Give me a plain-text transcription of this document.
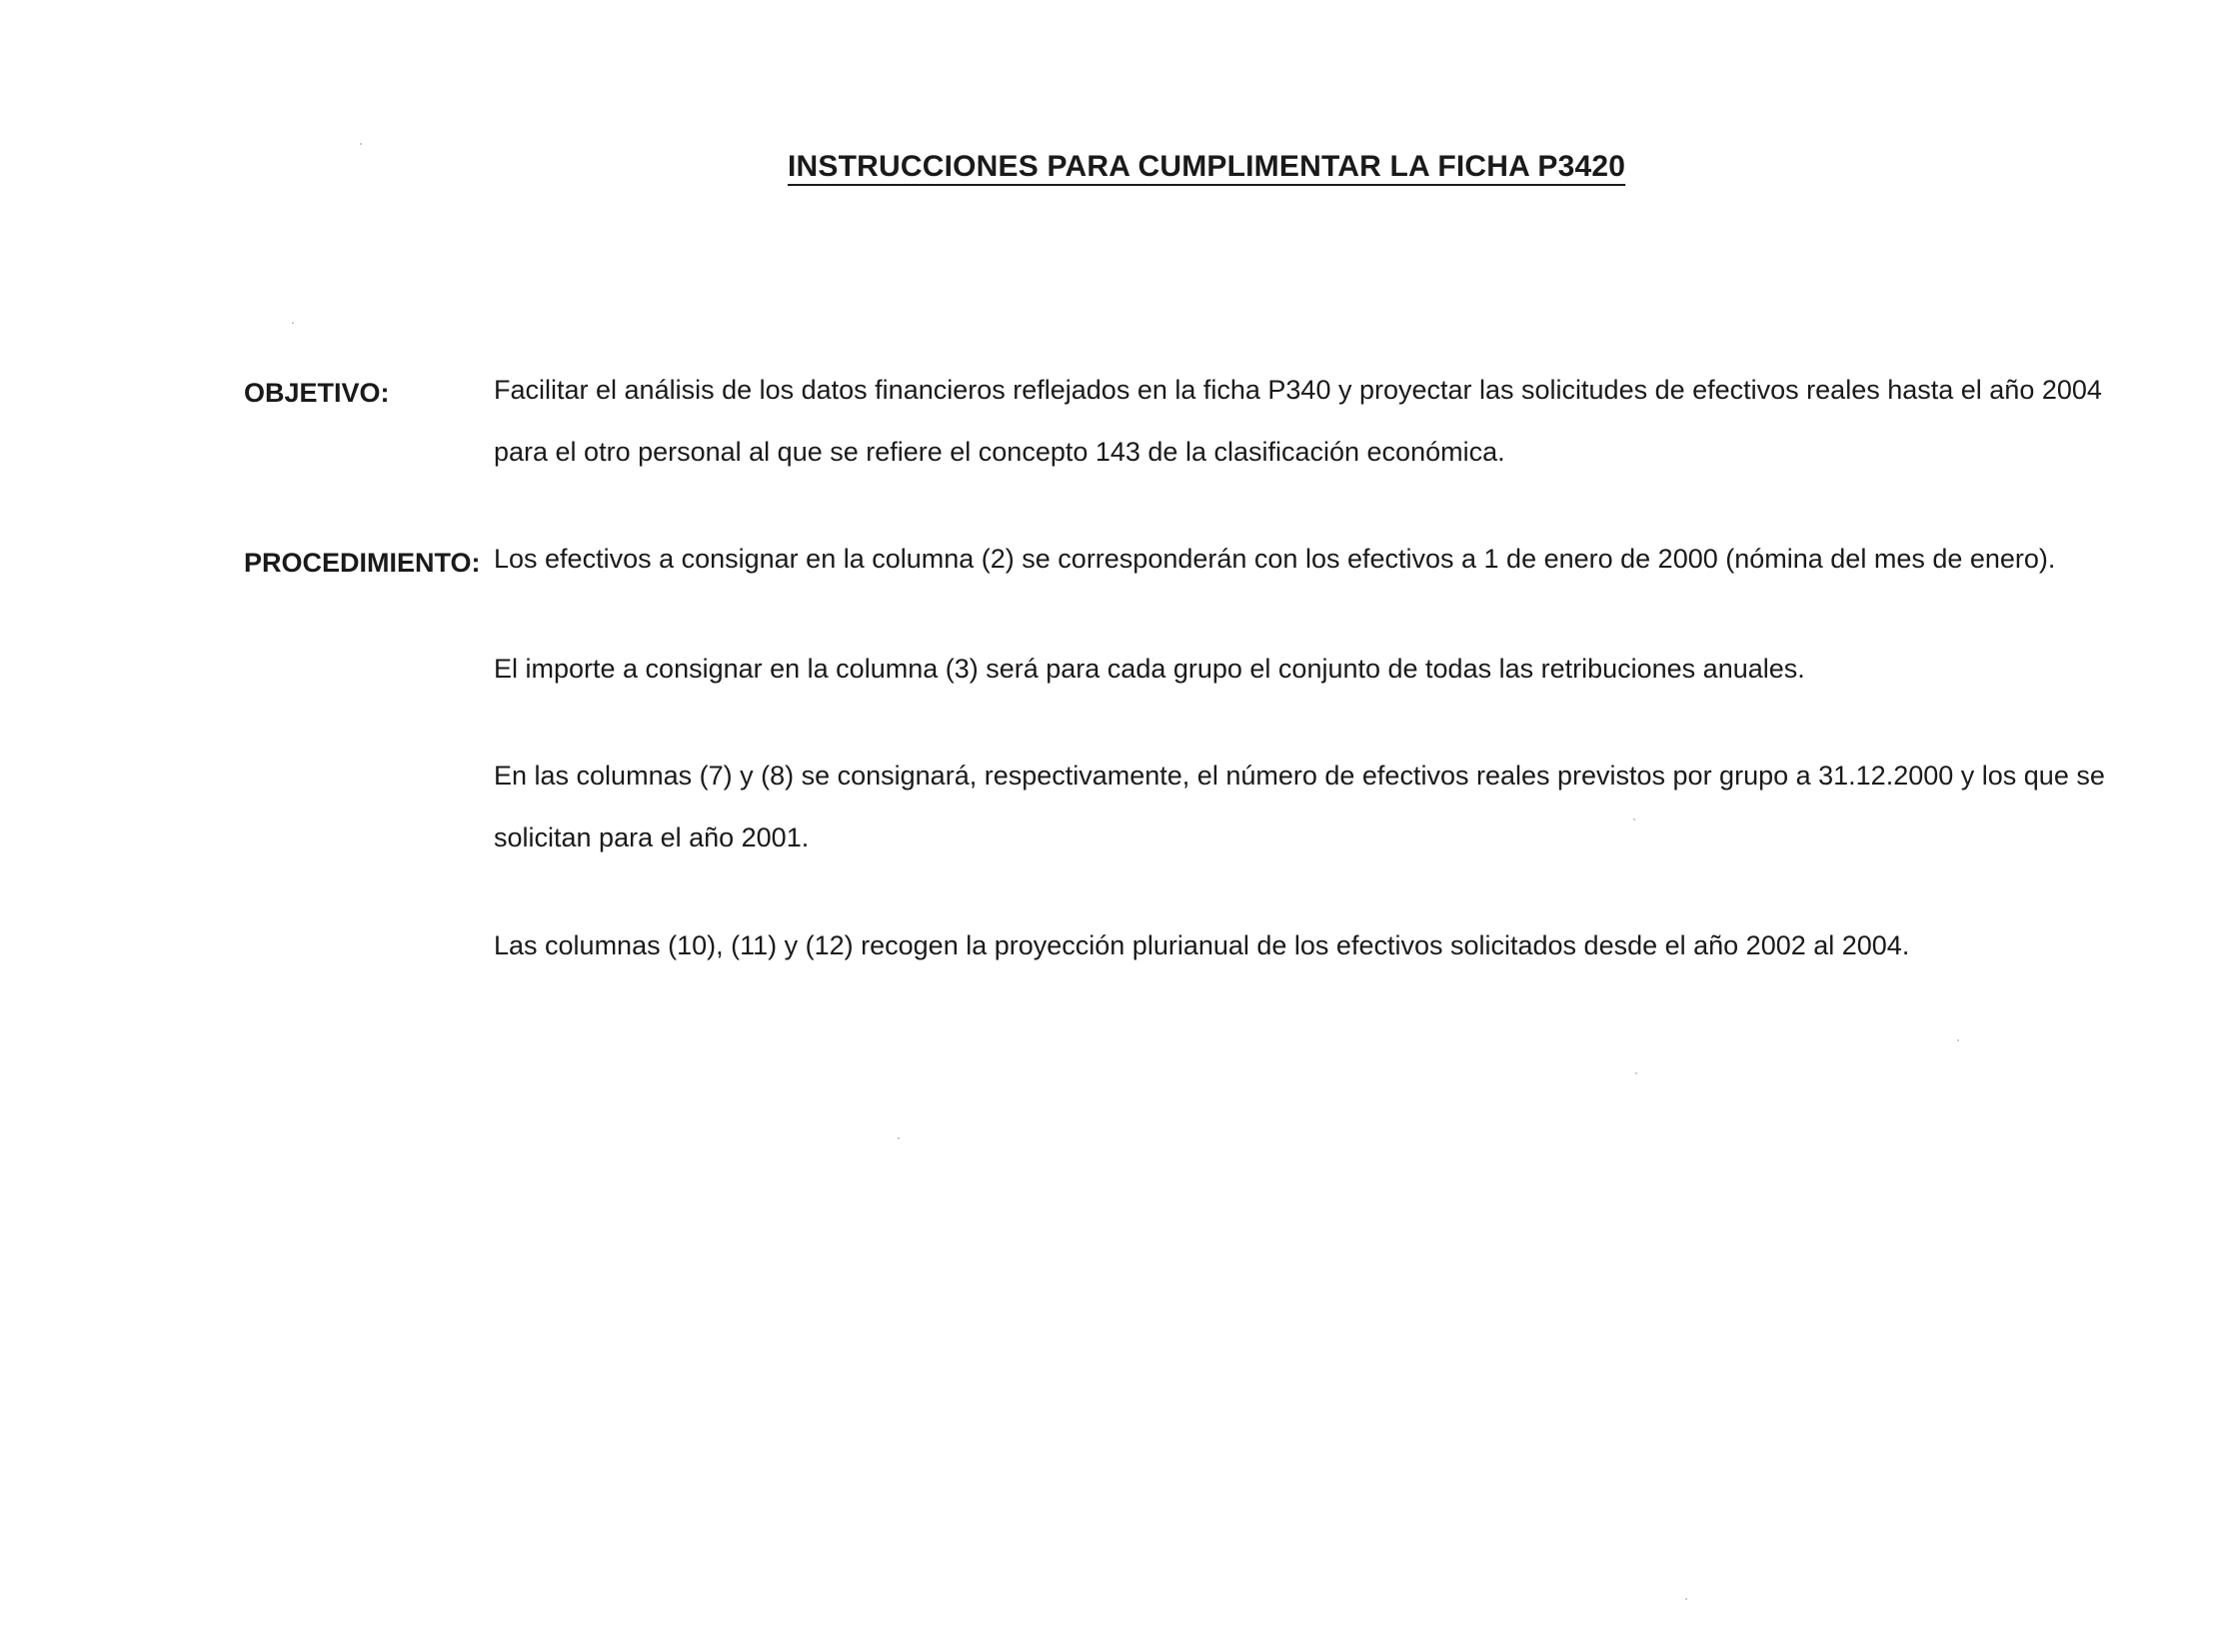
INSTRUCCIONES PARA CUMPLIMENTAR LA FICHA P3420
OBJETIVO:	Facilitar el análisis de los datos financieros reflejados en la ficha P340 y proyectar las solicitudes de efectivos reales hasta el año 2004
para el otro personal al que se refiere el concepto 143 de la clasificación económica.
PROCEDIMIENTO: Los efectivos a consignar en la columna (2) se corresponderán con los efectivos a 1 de enero de 2000 (nómina del mes de enero).
El importe a consignar en la columna (3) será para cada grupo el conjunto de todas las retribuciones anuales.
En las columnas (7) y (8) se consignará, respectivamente, el número de efectivos reales previstos por grupo a 31.12.2000 y los que se
solicitan para el año 2001.
Las columnas (10), (11) y (12) recogen la proyección plurianual de los efectivos solicitados desde el año 2002 al 2004.
